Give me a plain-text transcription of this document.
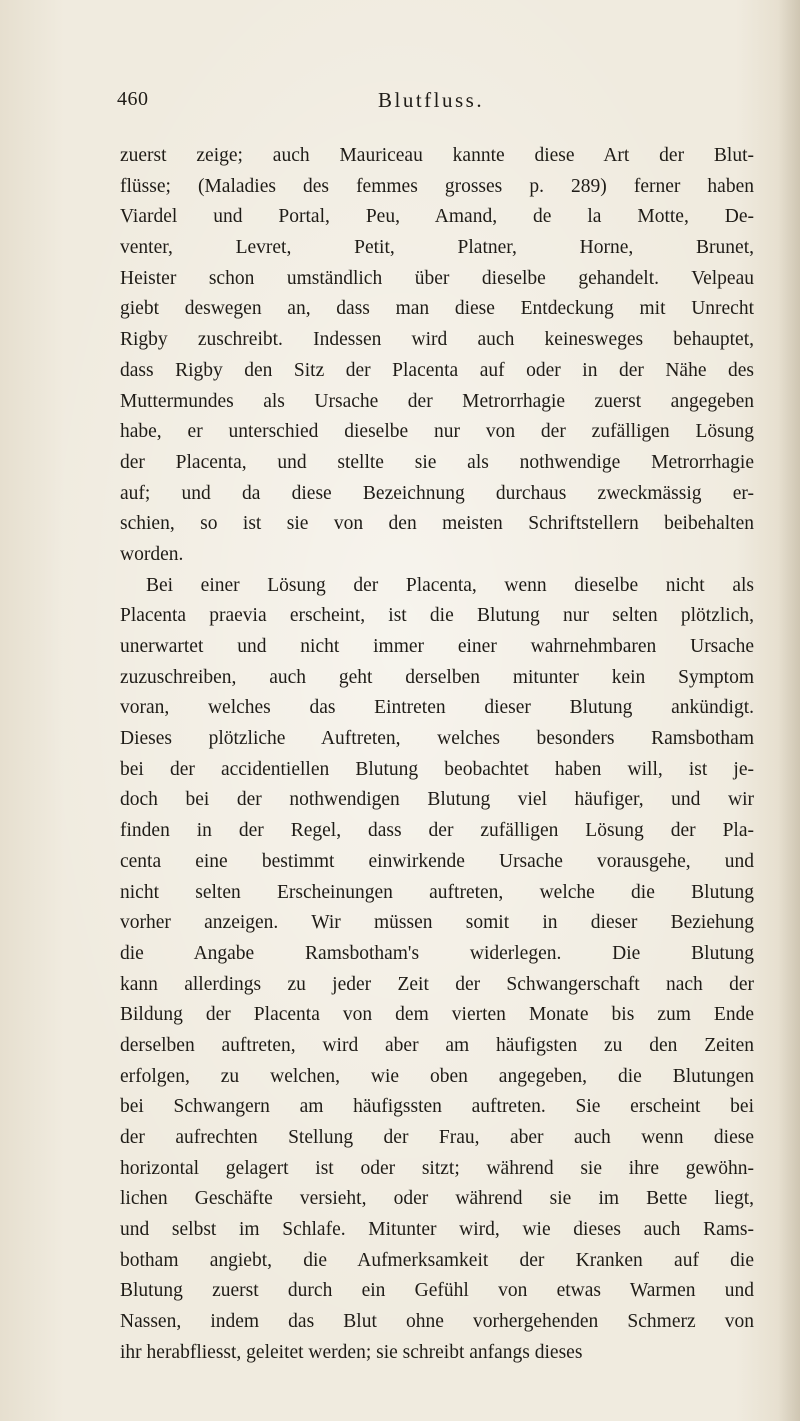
460	Blutfluss.
zuerst zeige; auch Mauriceau kannte diese Art der Blut-
flüsse; (Maladies des femmes grosses p. 289) ferner haben
Viardel und Portal, Peu, Amand, de la Motte, De-
venter, Levret, Petit, Platner, Horne, Brunet,
Heister schon umständlich über dieselbe gehandelt. Velpeau
giebt deswegen an, dass man diese Entdeckung mit Unrecht
Rigby zuschreibt. Indessen wird auch keinesweges behauptet,
dass Rigby den Sitz der Placenta auf oder in der Nähe des
Muttermundes als Ursache der Metrorrhagie zuerst angegeben
habe, er unterschied dieselbe nur von der zufälligen Lösung
der Placenta, und stellte sie als nothwendige Metrorrhagie
auf; und da diese Bezeichnung durchaus zweckmässig er-
schien, so ist sie von den meisten Schriftstellern beibehalten
worden.
Bei einer Lösung der Placenta, wenn dieselbe nicht als
Placenta praevia erscheint, ist die Blutung nur selten plötzlich,
unerwartet und nicht immer einer wahrnehmbaren Ursache
zuzuschreiben, auch geht derselben mitunter kein Symptom
voran, welches das Eintreten dieser Blutung ankündigt.
Dieses plötzliche Auftreten, welches besonders Ramsbotham
bei der accidentiellen Blutung beobachtet haben will, ist je-
doch bei der nothwendigen Blutung viel häufiger, und wir
finden in der Regel, dass der zufälligen Lösung der Pla-
centa eine bestimmt einwirkende Ursache vorausgehe, und
nicht selten Erscheinungen auftreten, welche die Blutung
vorher anzeigen. Wir müssen somit in dieser Beziehung
die Angabe Ramsbotham's widerlegen. Die Blutung
kann allerdings zu jeder Zeit der Schwangerschaft nach der
Bildung der Placenta von dem vierten Monate bis zum Ende
derselben auftreten, wird aber am häufigsten zu den Zeiten
erfolgen, zu welchen, wie oben angegeben, die Blutungen
bei Schwangern am häufigssten auftreten. Sie erscheint bei
der aufrechten Stellung der Frau, aber auch wenn diese
horizontal gelagert ist oder sitzt; während sie ihre gewöhn-
lichen Geschäfte versieht, oder während sie im Bette liegt,
und selbst im Schlafe. Mitunter wird, wie dieses auch Rams-
botham angiebt, die Aufmerksamkeit der Kranken auf die
Blutung zuerst durch ein Gefühl von etwas Warmen und
Nassen, indem das Blut ohne vorhergehenden Schmerz von
ihr herabfliesst, geleitet werden; sie schreibt anfangs dieses
